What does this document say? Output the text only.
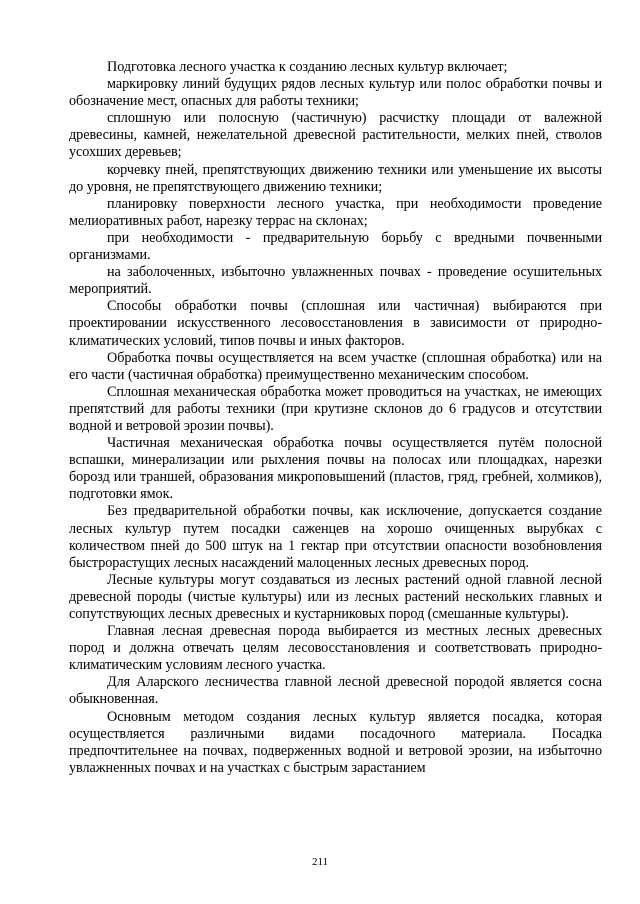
Подготовка лесного участка к созданию лесных культур включает;

маркировку линий будущих рядов лесных культур или полос обработки почвы и обозначение мест, опасных для работы техники;

сплошную или полосную (частичную) расчистку площади от валежной древесины, камней, нежелательной древесной растительности, мелких пней, стволов усохших деревьев;

корчевку пней, препятствующих движению техники или уменьшение их высоты до уровня, не препятствующего движению техники;

планировку поверхности лесного участка, при необходимости проведение мелиоративных работ, нарезку террас на склонах;

при необходимости - предварительную борьбу с вредными почвенными организмами.

на заболоченных, избыточно увлажненных почвах - проведение осушительных мероприятий.

Способы обработки почвы (сплошная или частичная) выбираются при проектировании искусственного лесовосстановления в зависимости от природно-климатических условий, типов почвы и иных факторов.

Обработка почвы осуществляется на всем участке (сплошная обработка) или на его части (частичная обработка) преимущественно механическим способом.

Сплошная механическая обработка может проводиться на участках, не имеющих препятствий для работы техники (при крутизне склонов до 6 градусов и отсутствии водной и ветровой эрозии почвы).

Частичная механическая обработка почвы осуществляется путём полосной вспашки, минерализации или рыхления почвы на полосах или площадках, нарезки борозд или траншей, образования микроповышений (пластов, гряд, гребней, холмиков), подготовки ямок.

Без предварительной обработки почвы, как исключение, допускается создание лесных культур путем посадки саженцев на хорошо очищенных вырубках с количеством пней до 500 штук на 1 гектар при отсутствии опасности возобновления быстрорастущих лесных насаждений малоценных лесных древесных пород.

Лесные культуры могут создаваться из лесных растений одной главной лесной древесной породы (чистые культуры) или из лесных растений нескольких главных и сопутствующих лесных древесных и кустарниковых пород (смешанные культуры).

Главная лесная древесная порода выбирается из местных лесных древесных пород и должна отвечать целям лесовосстановления и соответствовать природно-климатическим условиям лесного участка.

Для Аларского лесничества главной лесной древесной породой является сосна обыкновенная.

Основным методом создания лесных культур является посадка, которая осуществляется различными видами посадочного материала. Посадка предпочтительнее на почвах, подверженных водной и ветровой эрозии, на избыточно увлажненных почвах и на участках с быстрым зарастанием

211
